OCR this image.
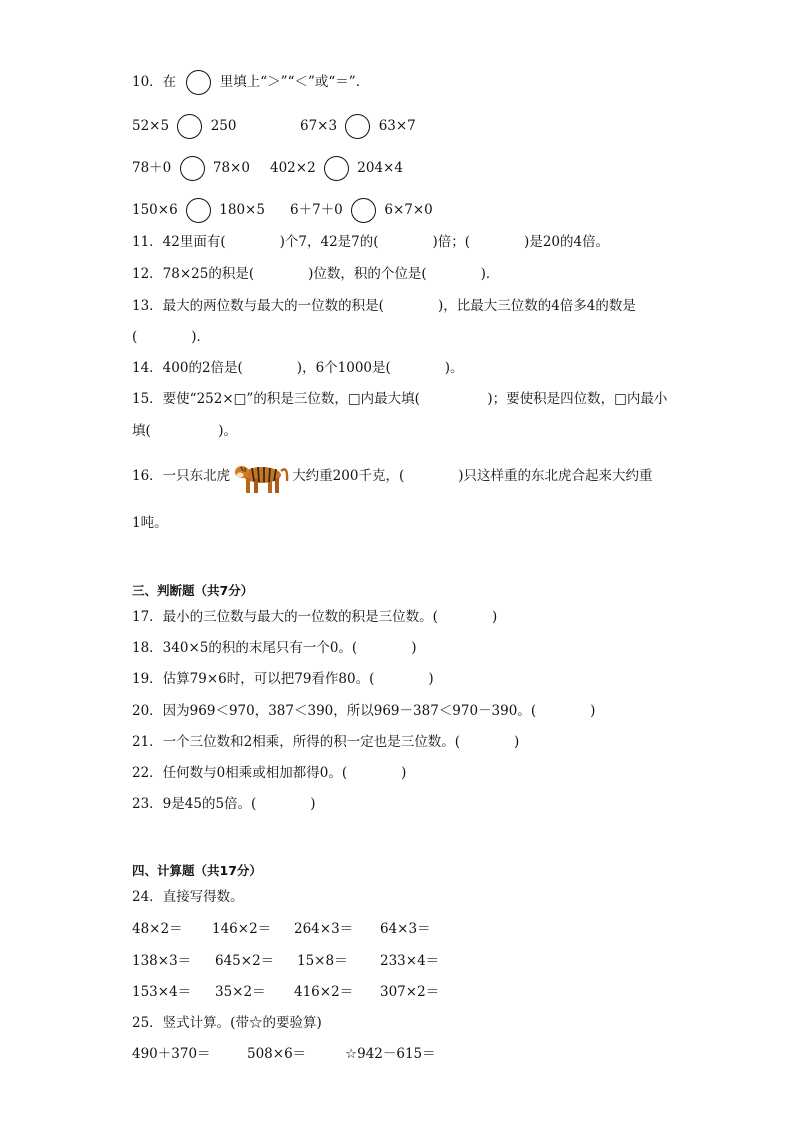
10．在	里填上“＞”“＜”或“＝”．
52×5	250	67×3	63×7
78＋0	78×0 402×2	204×4
150×6	180×5 6＋7＋0	6×7×0
11．42里面有(　　　　)个7，42是7的(　　　　)倍；(　　　　)是20的4倍。
12．78×25的积是(　　　　)位数，积的个位是(　　　　)．
13．最大的两位数与最大的一位数的积是(　　　　)，比最大三位数的4倍多4的数是
(　　　　)．
14．400的2倍是(　　　　)，6个1000是(　　　　)。
15．要使“252×□”的积是三位数，□内最大填(　　　　　)；要使积是四位数，□内最小
填(　　　　　)。
16．一只东北虎	大约重200千克，(　　　　)只这样重的东北虎合起来大约重
1吨。
三、判断题（共7分）
17．最小的三位数与最大的一位数的积是三位数。(　　　　)
18．340×5的积的末尾只有一个0。(　　　　)
19．估算79×6时，可以把79看作80。(　　　　)
20．因为969＜970，387＜390，所以969－387＜970－390。(　　　　)
21．一个三位数和2相乘，所得的积一定也是三位数。(　　　　)
22．任何数与0相乘或相加都得0。(　　　　)
23．9是45的5倍。(　　　　)
四、计算题（共17分）
24．直接写得数。
48×2＝ 146×2＝ 264×3＝ 64×3＝
138×3＝ 645×2＝ 15×8＝ 233×4＝
153×4＝ 35×2＝ 416×2＝ 307×2＝
25．竖式计算。(带☆的要验算)
490＋370＝	508×6＝	☆942－615＝
